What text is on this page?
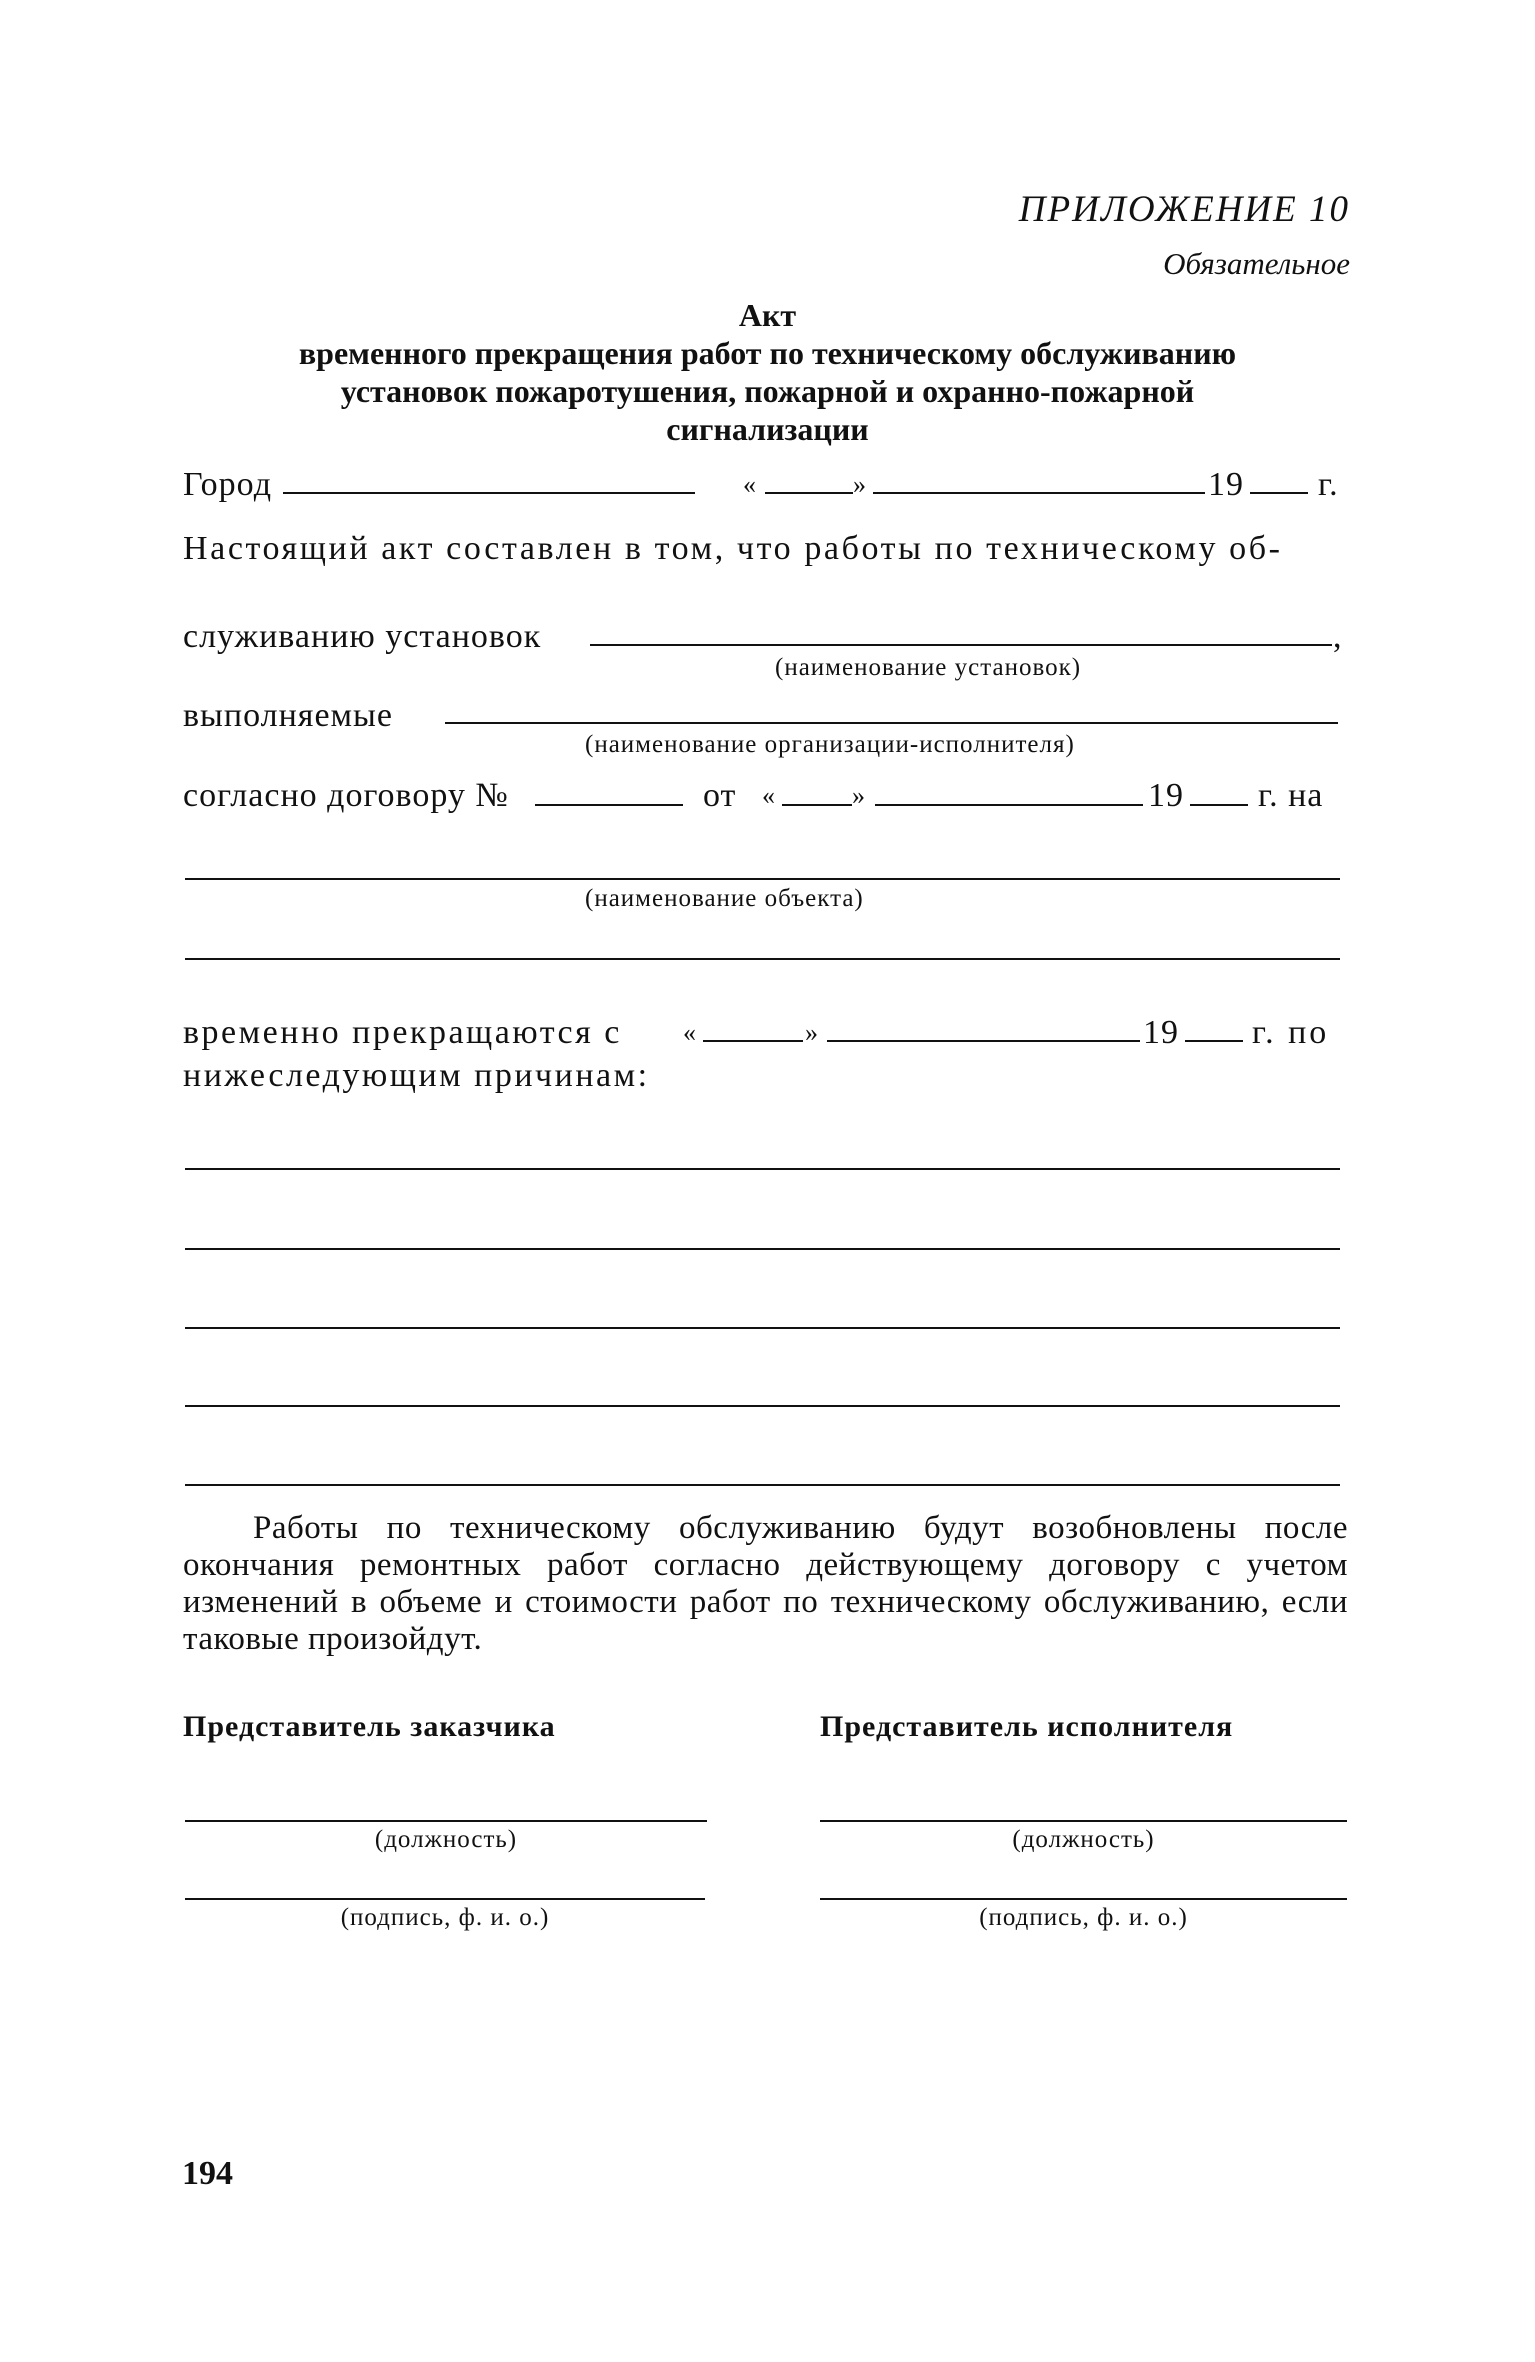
ПРИЛОЖЕНИЕ 10
Обязательное
Акт
временного прекращения работ по техническому обслуживанию
установок пожаротушения, пожарной и охранно-пожарной
сигнализации
Город	«	»	19 г.
Настоящий акт составлен в том, что работы по техническому об-
служиванию установок	,
(наименование установок)
выполняемые
(наименование организации-исполнителя)
согласно договору №	от «	»	19 г. на
(наименование объекта)
временно прекращаются с «	»	19 г. по
нижеследующим причинам:
Работы по техническому обслуживанию будут возобновлены после окончания ремонтных работ согласно действующему договору с учетом изменений в объеме и стоимости работ по техническому обслуживанию, если таковые произойдут.
Представитель заказчика	Представитель исполнителя
(должность)	(должность)
(подпись, ф. и. о.)	(подпись, ф. и. о.)
194
